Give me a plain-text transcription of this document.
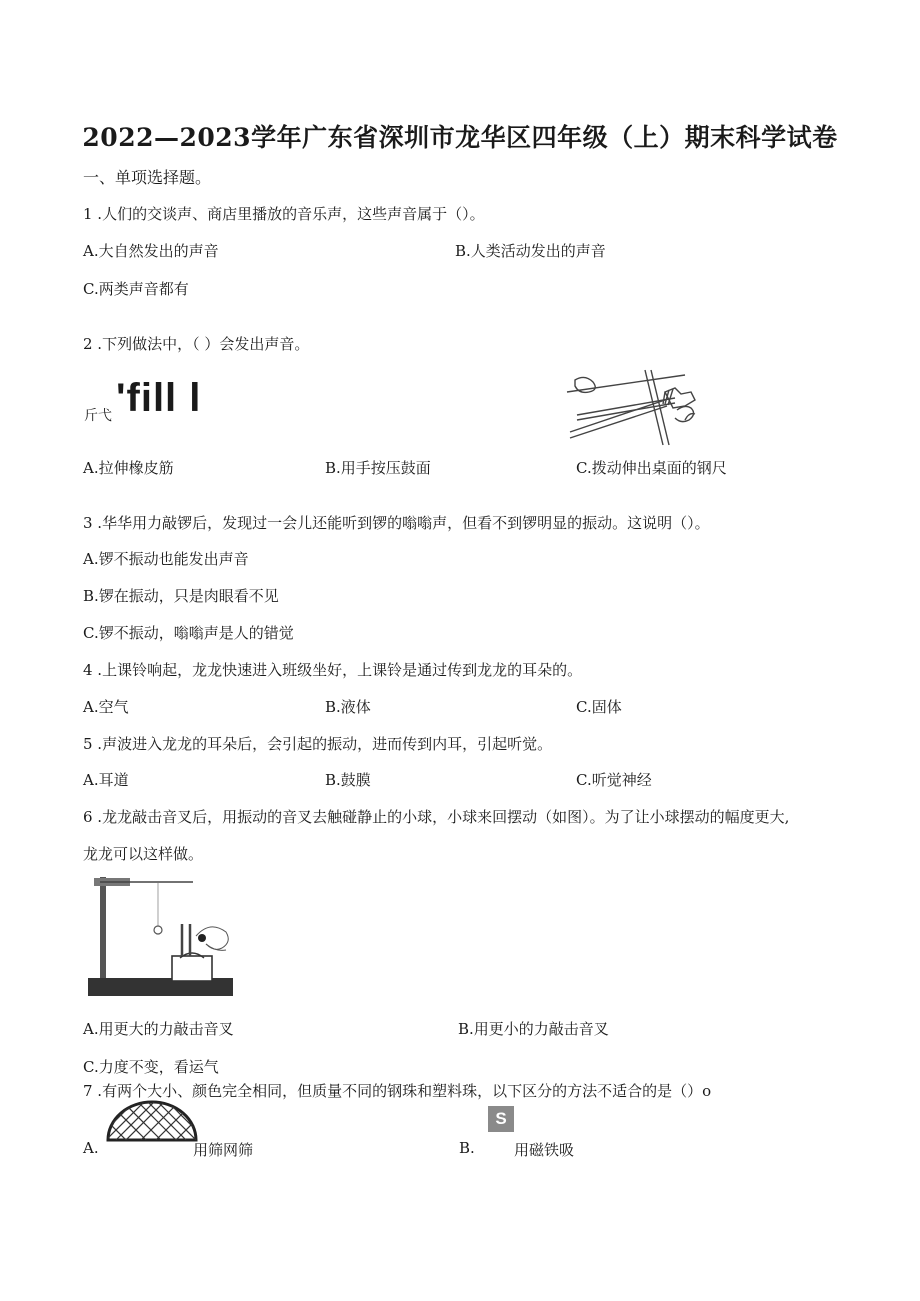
2022—2023学年广东省深圳市龙华区四年级（上）期末科学试卷
一、单项选择题。
1 .人们的交谈声、商店里播放的音乐声，这些声音属于（）。
A.大自然发出的声音	B.人类活动发出的声音
C.两类声音都有
2 .下列做法中，（ ）会发出声音。
斤弋 'fill l
A.拉伸橡皮筋	B.用手按压鼓面	C.拨动伸出桌面的钢尺
3 .华华用力敲锣后，发现过一会儿还能听到锣的嗡嗡声，但看不到锣明显的振动。这说明（）。
A.锣不振动也能发出声音
B.锣在振动，只是肉眼看不见
C.锣不振动，嗡嗡声是人的错觉
4 .上课铃响起，龙龙快速进入班级坐好，上课铃是通过传到龙龙的耳朵的。
A.空气	B.液体	C.固体
5 .声波进入龙龙的耳朵后，会引起的振动，进而传到内耳，引起听觉。
A.耳道	B.鼓膜	C.听觉神经
6 .龙龙敲击音叉后，用振动的音叉去触碰静止的小球，小球来回摆动（如图）。为了让小球摆动的幅度更大,
龙龙可以这样做。
A.用更大的力敲击音叉	B.用更小的力敲击音叉
C.力度不变，看运气
7 .有两个大小、颜色完全相同，但质量不同的钢珠和塑料珠，以下区分的方法不适合的是（）o
A.	用筛网筛
S
B.	用磁铁吸
